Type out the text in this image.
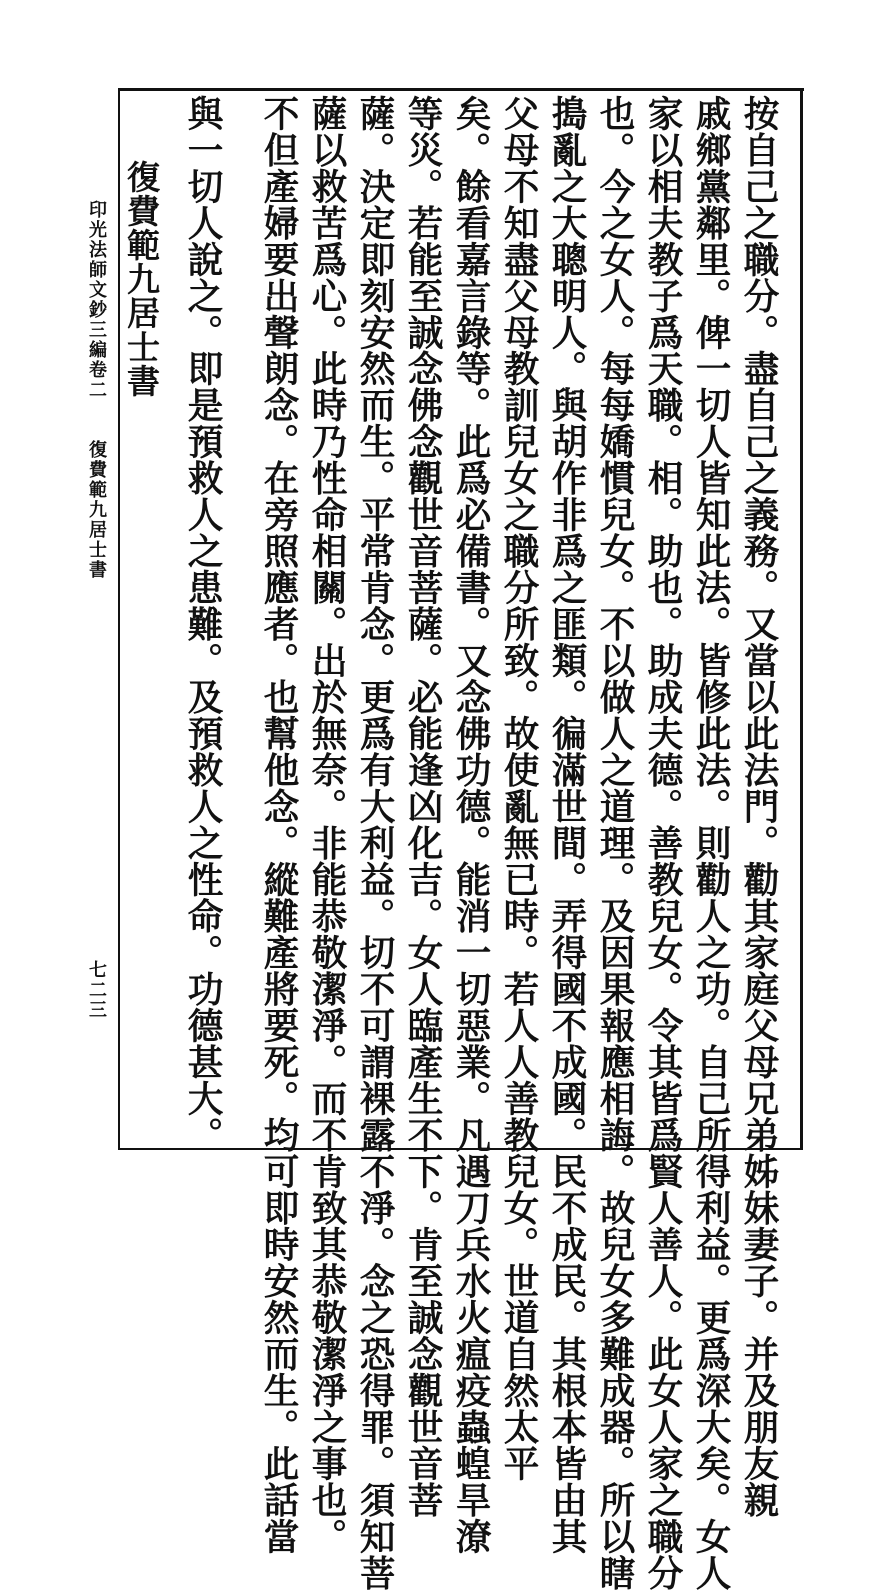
印光法師文鈔三編卷二
復費範九居士書
七二三	按自己之職分。盡自己之義務。又當以此法門。勸其家庭父母兄弟姊妹妻子。并及朋友親
戚鄉黨鄰里。俾一切人皆知此法。皆修此法。則勸人之功。自己所得利益。更爲深大矣。女人
家以相夫教子爲天職。相。助也。助成夫德。善教兒女。令其皆爲賢人善人。此女人家之職分
也。今之女人。每每嬌慣兒女。不以做人之道理。及因果報應相誨。故兒女多難成器。所以瞎
搗亂之大聰明人。與胡作非爲之匪類。徧滿世間。弄得國不成國。民不成民。其根本皆由其
父母不知盡父母教訓兒女之職分所致。故使亂無已時。若人人善教兒女。世道自然太平
矣。餘看嘉言錄等。此爲必備書。又念佛功德。能消一切惡業。凡遇刀兵水火瘟疫蟲蝗旱潦
等災。若能至誠念佛念觀世音菩薩。必能逢凶化吉。女人臨產生不下。肯至誠念觀世音菩
薩。決定即刻安然而生。平常肯念。更爲有大利益。切不可謂裸露不淨。念之恐得罪。須知菩
薩以救苦爲心。此時乃性命相關。出於無奈。非能恭敬潔淨。而不肯致其恭敬潔淨之事也。
不但產婦要出聲朗念。在旁照應者。也幫他念。縱難產將要死。均可即時安然而生。此話當
與一切人說之。即是預救人之患難。及預救人之性命。功德甚大。
復費範九居士書
